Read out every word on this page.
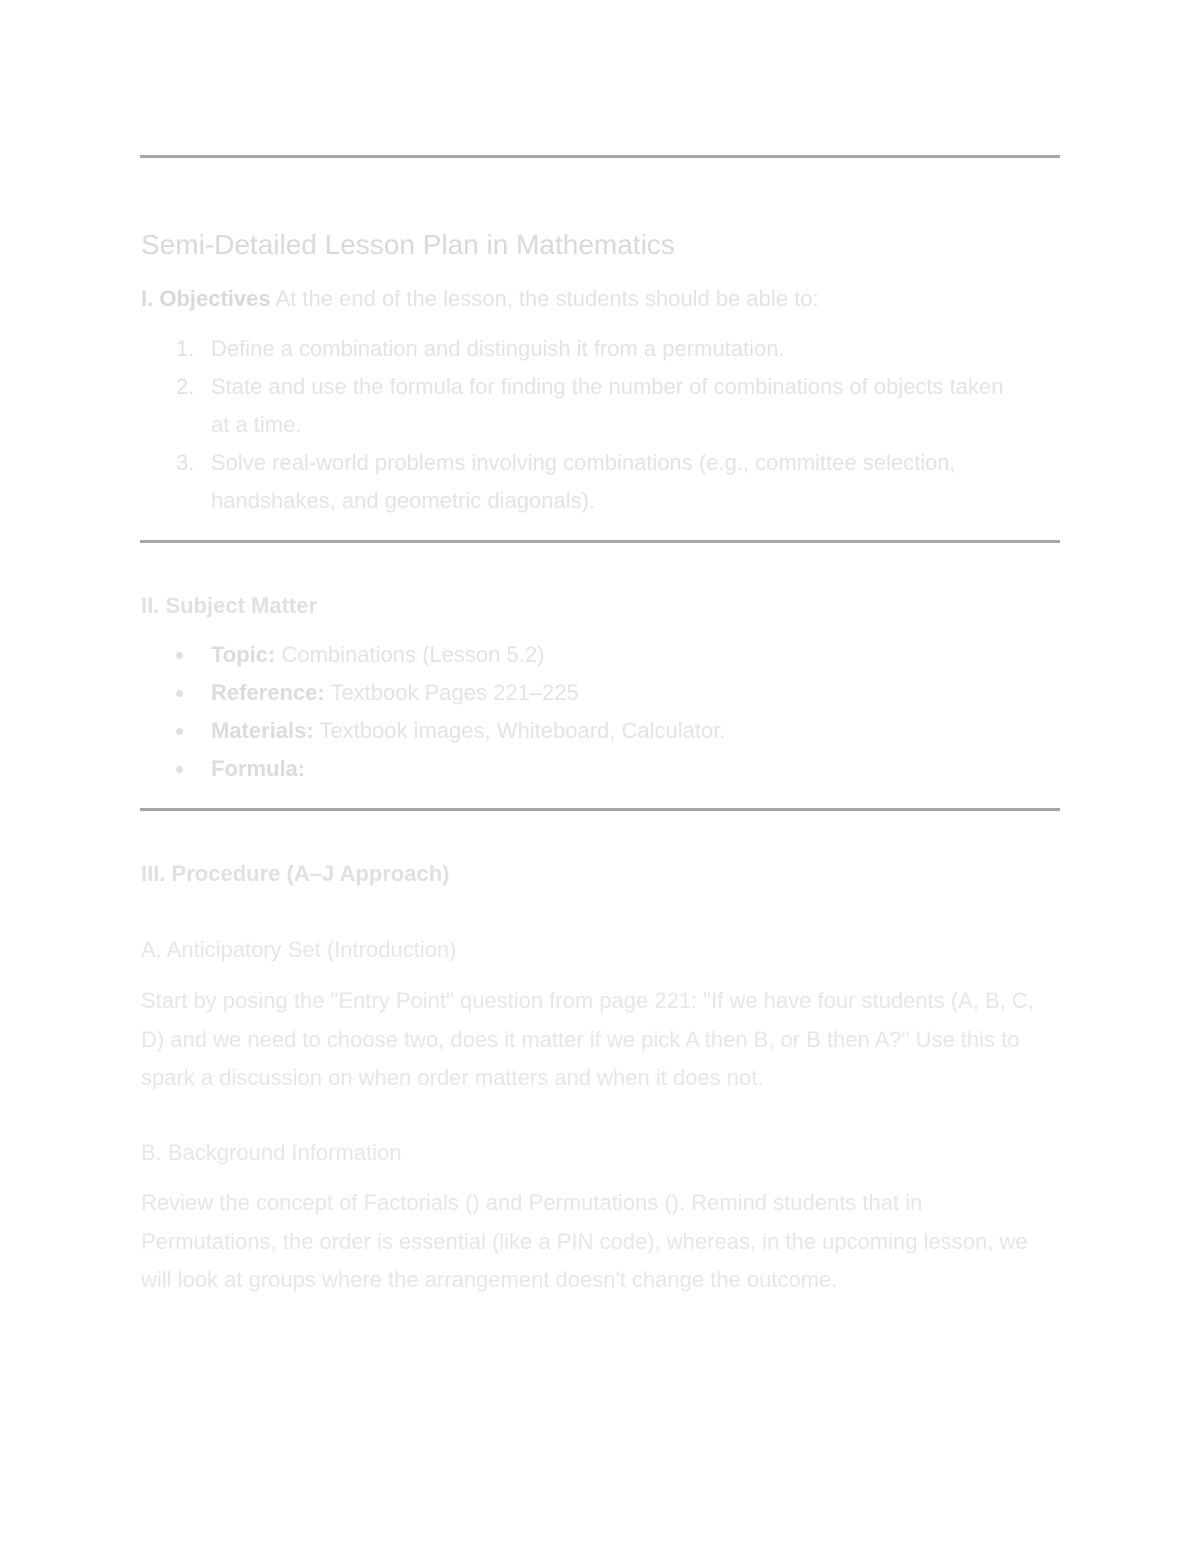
Semi-Detailed Lesson Plan in Mathematics
I. Objectives At the end of the lesson, the students should be able to:
1. Define a combination and distinguish it from a permutation.
2. State and use the formula for finding the number of combinations of objects taken at a time.
3. Solve real-world problems involving combinations (e.g., committee selection, handshakes, and geometric diagonals).
II. Subject Matter
Topic: Combinations (Lesson 5.2)
Reference: Textbook Pages 221–225
Materials: Textbook images, Whiteboard, Calculator.
Formula:
III. Procedure (A–J Approach)
A. Anticipatory Set (Introduction)

Start by posing the "Entry Point" question from page 221: "If we have four students (A, B, C, D) and we need to choose two, does it matter if we pick A then B, or B then A?" Use this to spark a discussion on when order matters and when it does not.

B. Background Information

Review the concept of Factorials () and Permutations (). Remind students that in Permutations, the order is essential (like a PIN code), whereas, in the upcoming lesson, we will look at groups where the arrangement doesn't change the outcome.
